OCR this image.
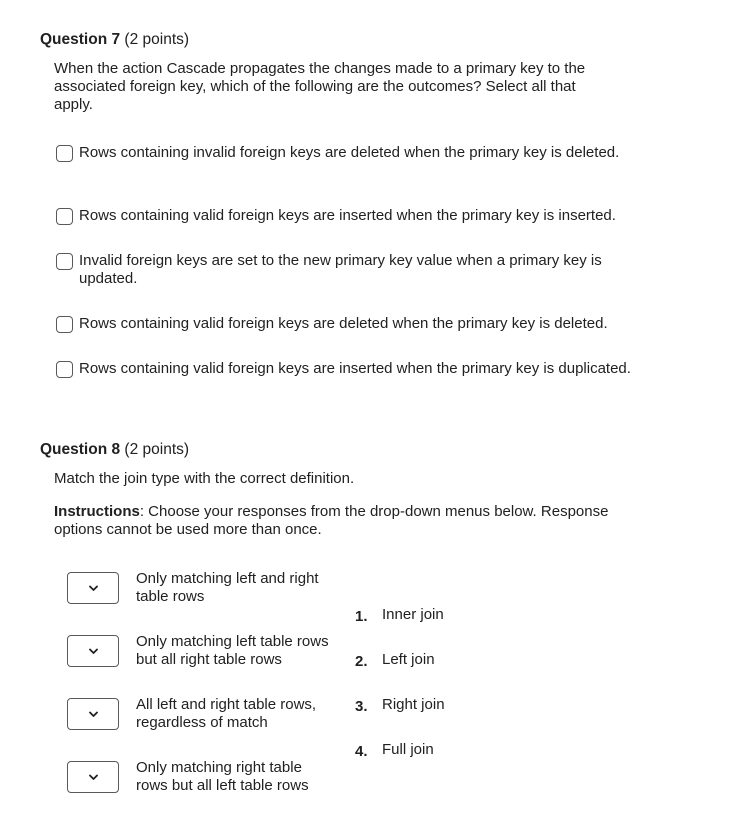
Question 7 (2 points)
When the action Cascade propagates the changes made to a primary key to the associated foreign key, which of the following are the outcomes? Select all that apply.
Rows containing invalid foreign keys are deleted when the primary key is deleted.
Rows containing valid foreign keys are inserted when the primary key is inserted.
Invalid foreign keys are set to the new primary key value when a primary key is updated.
Rows containing valid foreign keys are deleted when the primary key is deleted.
Rows containing valid foreign keys are inserted when the primary key is duplicated.
Question 8 (2 points)
Match the join type with the correct definition.
Instructions: Choose your responses from the drop-down menus below. Response options cannot be used more than once.
Only matching left and right table rows
Only matching left table rows but all right table rows
All left and right table rows, regardless of match
Only matching right table rows but all left table rows
1. Inner join
2. Left join
3. Right join
4. Full join
